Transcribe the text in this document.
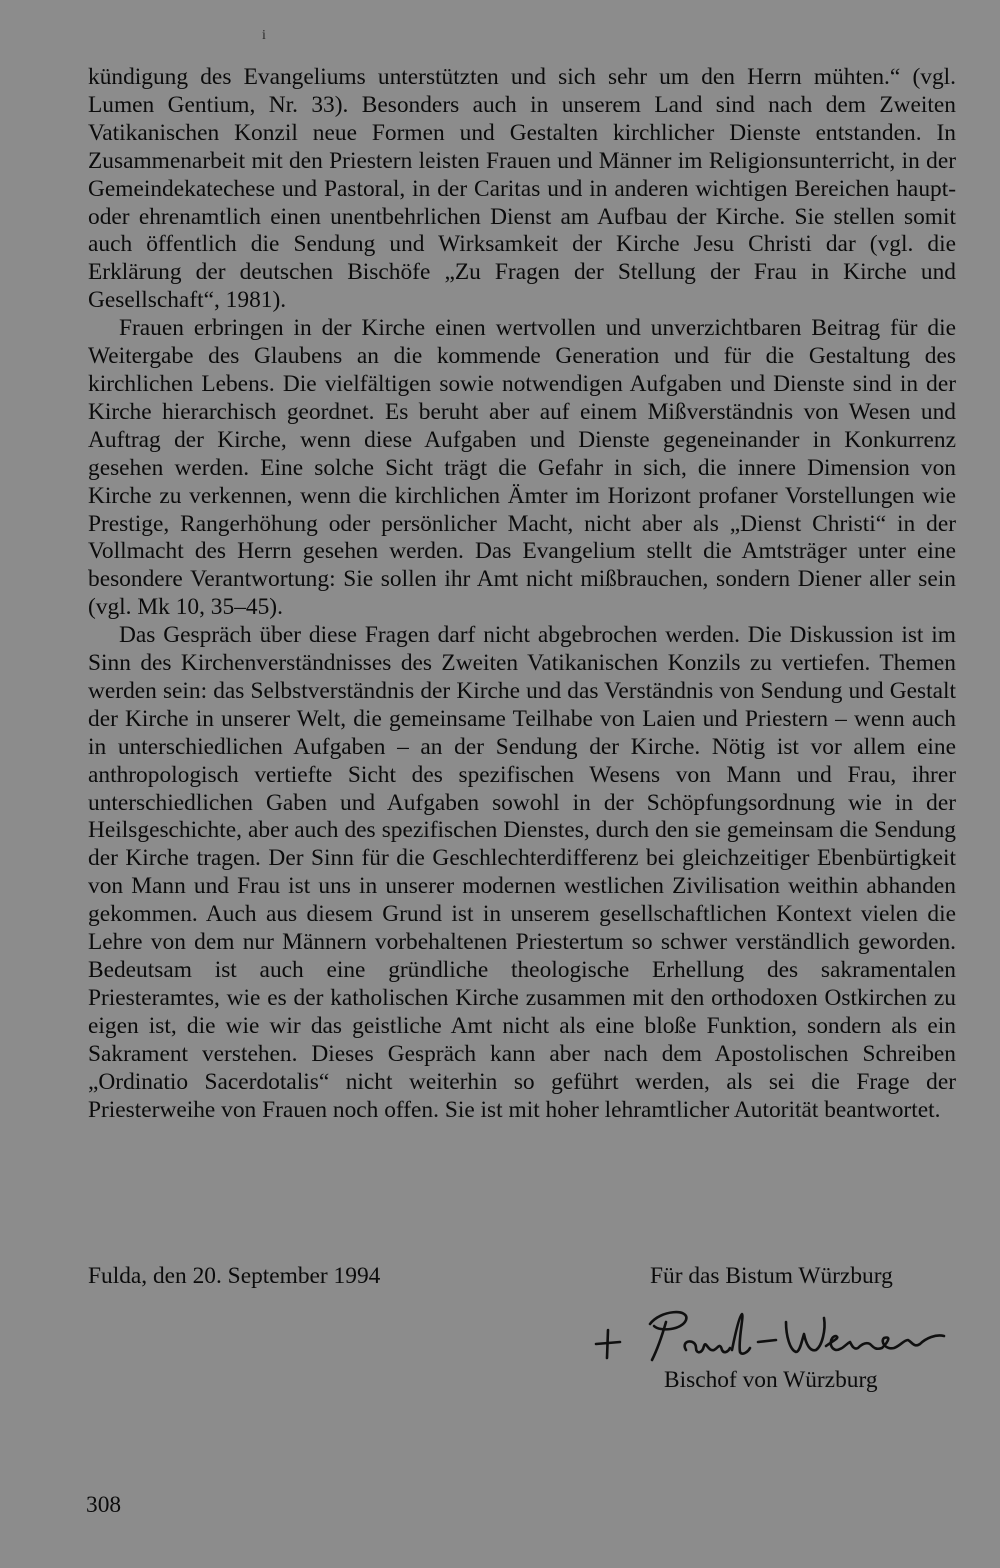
i

kündigung des Evangeliums unterstützten und sich sehr um den Herrn mühten.“ (vgl. Lumen Gentium, Nr. 33). Besonders auch in unserem Land sind nach dem Zweiten Vatikanischen Konzil neue Formen und Gestalten kirchlicher Dienste entstanden. In Zusammenarbeit mit den Priestern leisten Frauen und Männer im Religionsunterricht, in der Gemeindekatechese und Pastoral, in der Caritas und in anderen wichtigen Bereichen haupt- oder ehrenamtlich einen unentbehrlichen Dienst am Aufbau der Kirche. Sie stellen somit auch öffentlich die Sendung und Wirksamkeit der Kirche Jesu Christi dar (vgl. die Erklärung der deutschen Bischöfe „Zu Fragen der Stellung der Frau in Kirche und Gesellschaft“, 1981).

Frauen erbringen in der Kirche einen wertvollen und unverzichtbaren Beitrag für die Weitergabe des Glaubens an die kommende Generation und für die Gestaltung des kirchlichen Lebens. Die vielfältigen sowie notwendigen Aufgaben und Dienste sind in der Kirche hierarchisch geordnet. Es beruht aber auf einem Mißverständnis von Wesen und Auftrag der Kirche, wenn diese Aufgaben und Dienste gegeneinander in Konkurrenz gesehen werden. Eine solche Sicht trägt die Gefahr in sich, die innere Dimension von Kirche zu verkennen, wenn die kirchlichen Ämter im Horizont profaner Vorstellungen wie Prestige, Rangerhöhung oder persönlicher Macht, nicht aber als „Dienst Christi“ in der Vollmacht des Herrn gesehen werden. Das Evangelium stellt die Amtsträger unter eine besondere Verantwortung: Sie sollen ihr Amt nicht mißbrauchen, sondern Diener aller sein (vgl. Mk 10, 35–45).

Das Gespräch über diese Fragen darf nicht abgebrochen werden. Die Diskussion ist im Sinn des Kirchenverständnisses des Zweiten Vatikanischen Konzils zu vertiefen. Themen werden sein: das Selbstverständnis der Kirche und das Verständnis von Sendung und Gestalt der Kirche in unserer Welt, die gemeinsame Teilhabe von Laien und Priestern – wenn auch in unterschiedlichen Aufgaben – an der Sendung der Kirche. Nötig ist vor allem eine anthropologisch vertiefte Sicht des spezifischen Wesens von Mann und Frau, ihrer unterschiedlichen Gaben und Aufgaben sowohl in der Schöpfungsordnung wie in der Heilsgeschichte, aber auch des spezifischen Dienstes, durch den sie gemeinsam die Sendung der Kirche tragen. Der Sinn für die Geschlechterdifferenz bei gleichzeitiger Ebenbürtigkeit von Mann und Frau ist uns in unserer modernen westlichen Zivilisation weithin abhanden gekommen. Auch aus diesem Grund ist in unserem gesellschaftlichen Kontext vielen die Lehre von dem nur Männern vorbehaltenen Priestertum so schwer verständlich geworden. Bedeutsam ist auch eine gründliche theologische Erhellung des sakramentalen Priesteramtes, wie es der katholischen Kirche zusammen mit den orthodoxen Ostkirchen zu eigen ist, die wie wir das geistliche Amt nicht als eine bloße Funktion, sondern als ein Sakrament verstehen. Dieses Gespräch kann aber nach dem Apostolischen Schreiben „Ordinatio Sacerdotalis“ nicht weiterhin so geführt werden, als sei die Frage der Priesterweihe von Frauen noch offen. Sie ist mit hoher lehramtlicher Autorität beantwortet.

Fulda, den 20. September 1994	Für das Bistum Würzburg
Bischof von Würzburg
308
